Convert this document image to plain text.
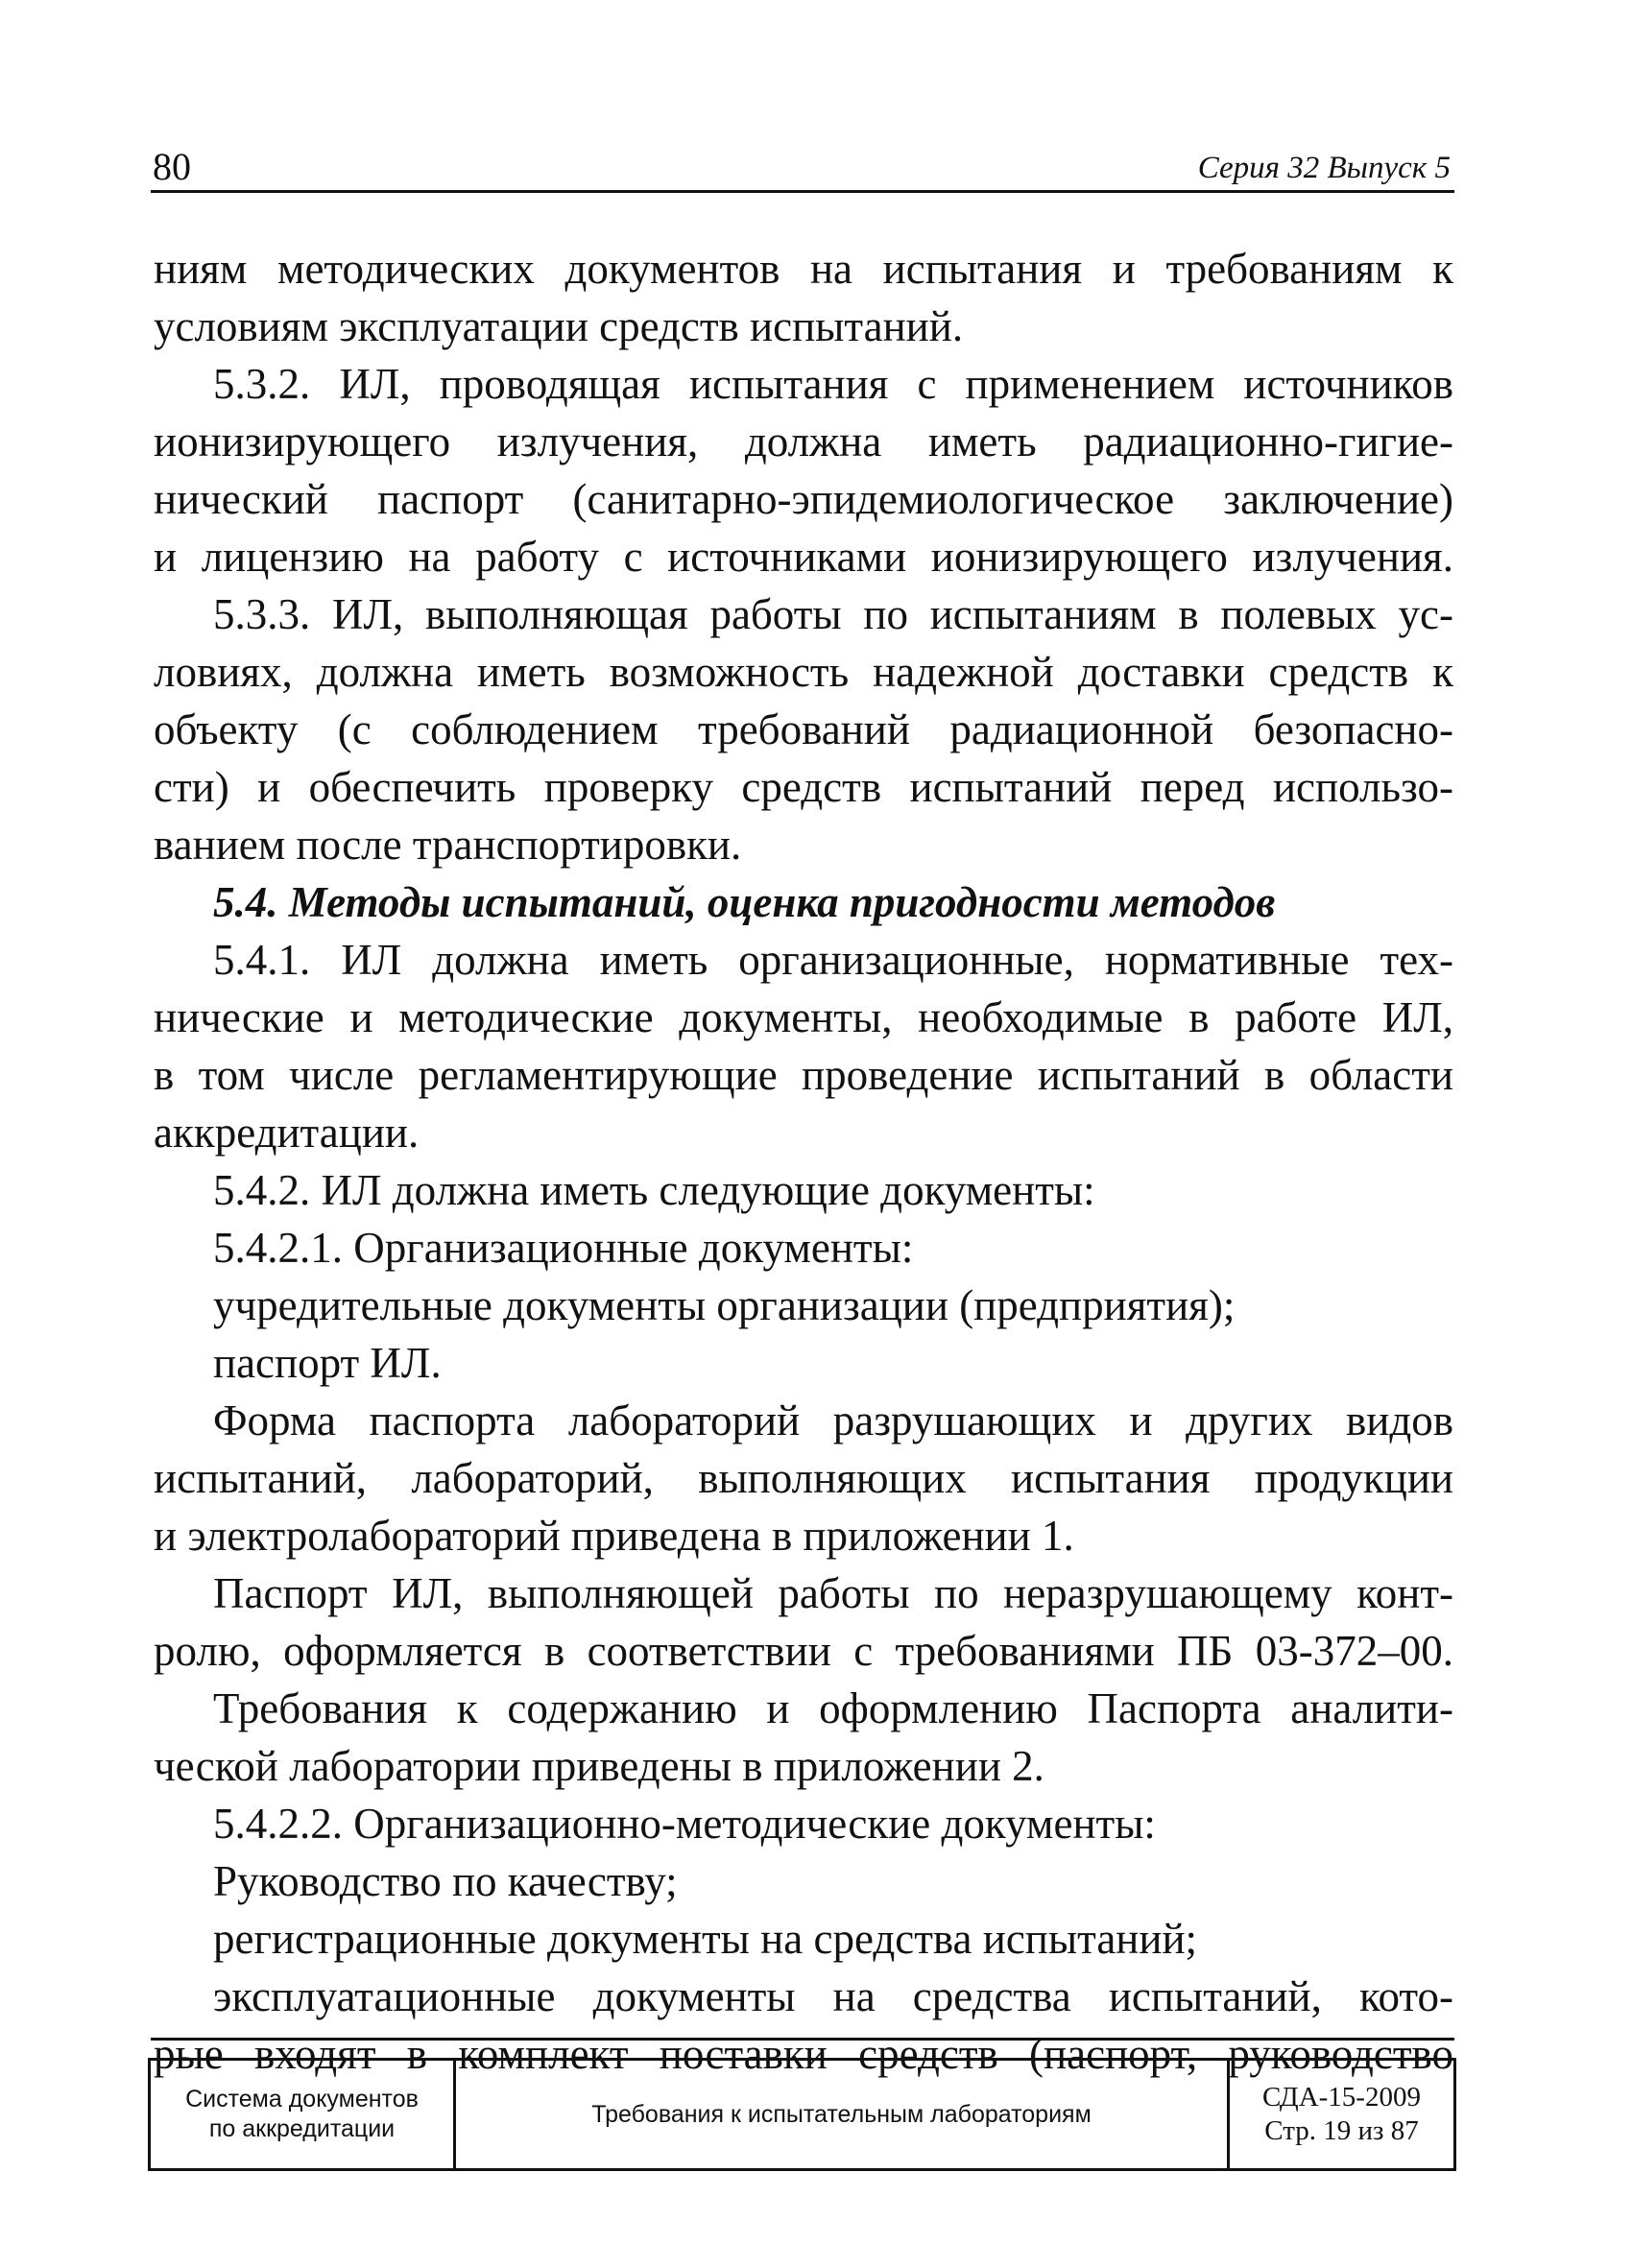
80	Серия 32 Выпуск 5
ниям методических документов на испытания и требованиям к
условиям эксплуатации средств испытаний.
5.3.2. ИЛ, проводящая испытания с применением источников
ионизирующего излучения, должна иметь радиационно-гигие-
нический паспорт (санитарно-эпидемиологическое заключение)
и лицензию на работу с источниками ионизирующего излучения.
5.3.3. ИЛ, выполняющая работы по испытаниям в полевых ус-
ловиях, должна иметь возможность надежной доставки средств к
объекту (с соблюдением требований радиационной безопасно-
сти) и обеспечить проверку средств испытаний перед использо-
ванием после транспортировки.
5.4. Методы испытаний, оценка пригодности методов
5.4.1. ИЛ должна иметь организационные, нормативные тех-
нические и методические документы, необходимые в работе ИЛ,
в том числе регламентирующие проведение испытаний в области
аккредитации.
5.4.2. ИЛ должна иметь следующие документы:
5.4.2.1. Организационные документы:
учредительные документы организации (предприятия);
паспорт ИЛ.
Форма паспорта лабораторий разрушающих и других видов
испытаний, лабораторий, выполняющих испытания продукции
и электролабораторий приведена в приложении 1.
Паспорт ИЛ, выполняющей работы по неразрушающему конт-
ролю, оформляется в соответствии с требованиями ПБ 03-372–00.
Требования к содержанию и оформлению Паспорта аналити-
ческой лаборатории приведены в приложении 2.
5.4.2.2. Организационно-методические документы:
Руководство по качеству;
регистрационные документы на средства испытаний;
эксплуатационные документы на средства испытаний, кото-
рые входят в комплект поставки средств (паспорт, руководство
Система документов
по аккредитации
Требования к испытательным лабораториям
СДА-15-2009
Стр. 19 из 87
